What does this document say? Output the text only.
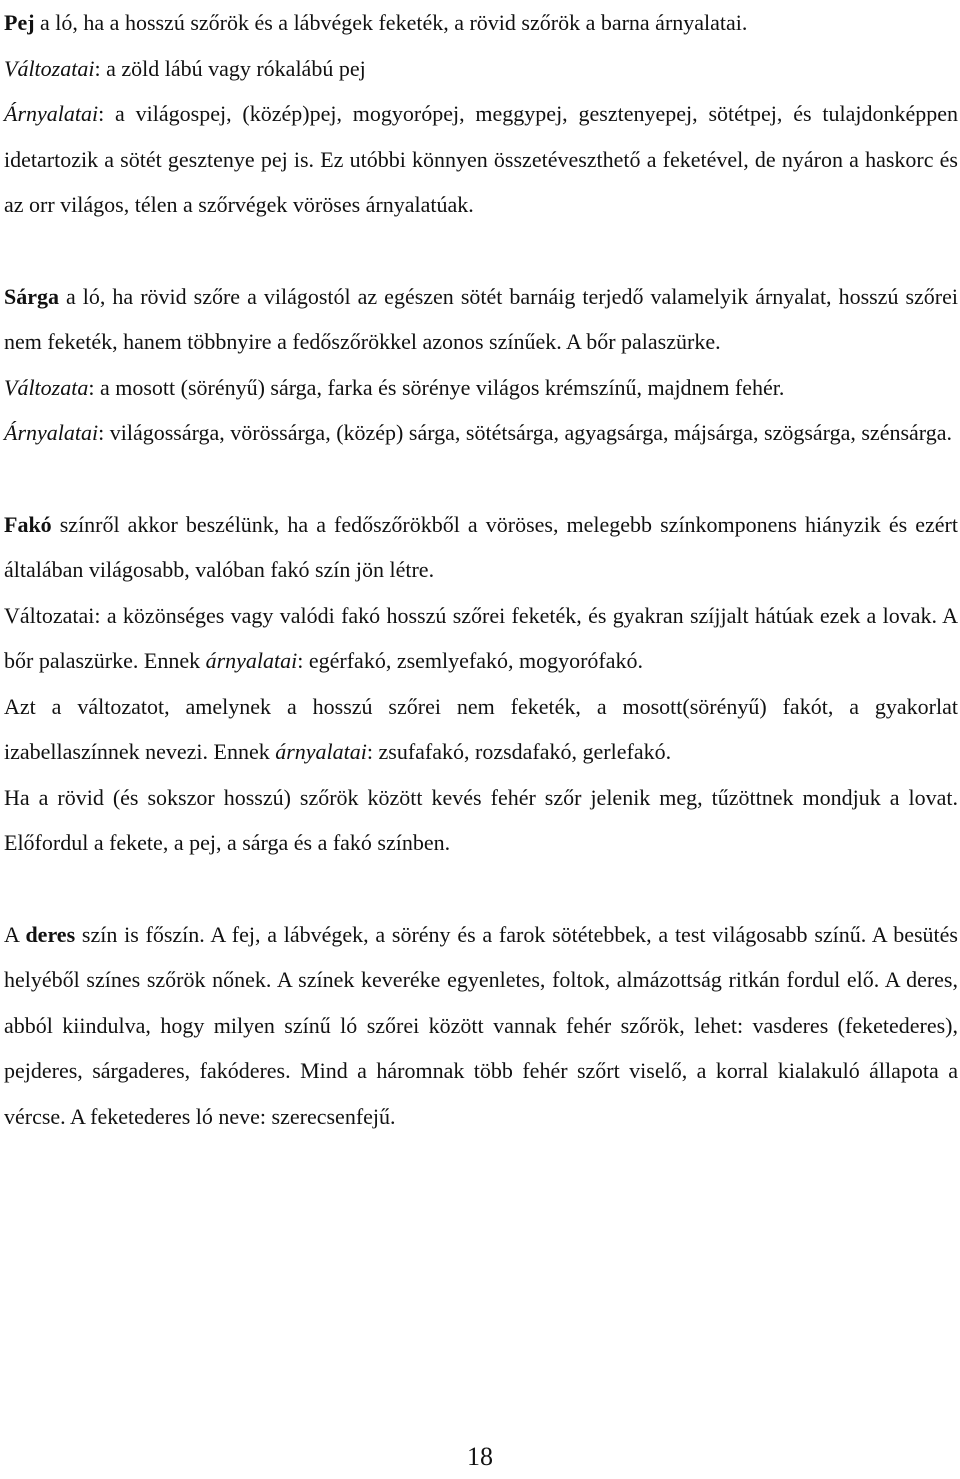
Pej a ló, ha a hosszú szőrök és a lábvégek feketék, a rövid szőrök a barna árnyalatai.

Változatai: a zöld lábú vagy rókalábú pej

Árnyalatai: a világospej, (közép)pej, mogyorópej, meggypej, gesztenyepej, sötétpej, és tulajdonképpen idetartozik a sötét gesztenye pej is. Ez utóbbi könnyen összetéveszthető a feketével, de nyáron a haskorc és az orr világos, télen a szőrvégek vöröses árnyalatúak.

Sárga a ló, ha rövid szőre a világostól az egészen sötét barnáig terjedő valamelyik árnyalat, hosszú szőrei nem feketék, hanem többnyire a fedőszőrökkel azonos színűek. A bőr palaszürke.

Változata: a mosott (sörényű) sárga, farka és sörénye világos krémszínű, majdnem fehér.

Árnyalatai: világossárga, vörössárga, (közép) sárga, sötétsárga, agyagsárga, májsárga, szögsárga, szénsárga.

Fakó színről akkor beszélünk, ha a fedőszőrökből a vöröses, melegebb színkomponens hiányzik és ezért általában világosabb, valóban fakó szín jön létre.

Változatai: a közönséges vagy valódi fakó hosszú szőrei feketék, és gyakran szíjjalt hátúak ezek a lovak. A bőr palaszürke. Ennek árnyalatai: egérfakó, zsemlyefakó, mogyorófakó.

Azt a változatot, amelynek a hosszú szőrei nem feketék, a mosott(sörényű) fakót, a gyakorlat izabellaszínnek nevezi. Ennek árnyalatai: zsufafakó, rozsdafakó, gerlefakó.

Ha a rövid (és sokszor hosszú) szőrök között kevés fehér szőr jelenik meg, tűzöttnek mondjuk a lovat. Előfordul a fekete, a pej, a sárga és a fakó színben.

A deres szín is főszín. A fej, a lábvégek, a sörény és a farok sötétebbek, a test világosabb színű. A besütés helyéből színes szőrök nőnek. A színek keveréke egyenletes, foltok, almázottság ritkán fordul elő. A deres, abból kiindulva, hogy milyen színű ló szőrei között vannak fehér szőrök, lehet: vasderes (feketederes), pejderes, sárgaderes, fakóderes. Mind a háromnak több fehér szőrt viselő, a korral kialakuló állapota a vércse. A feketederes ló neve: szerecsenfejű.

18
